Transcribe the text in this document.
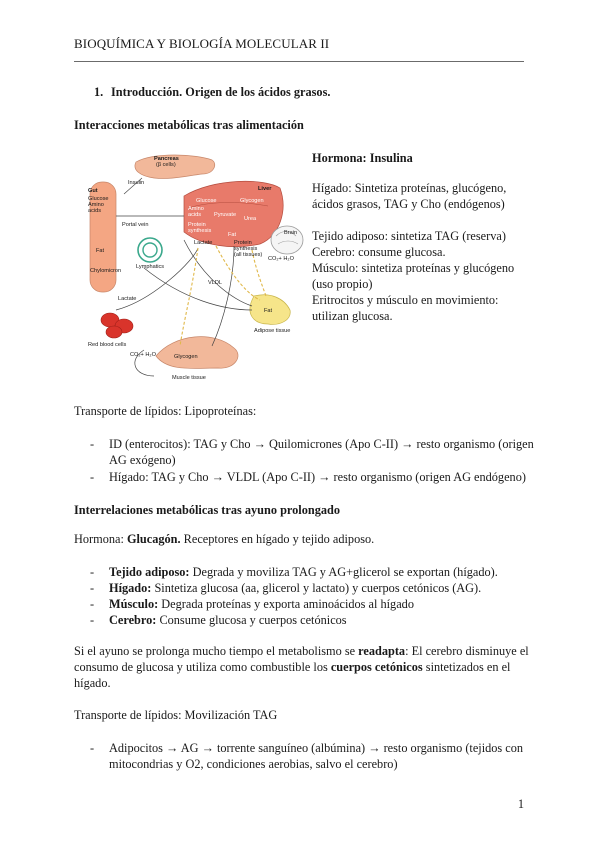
BIOQUÍMICA Y BIOLOGÍA MOLECULAR II
1. Introducción. Origen de los ácidos grasos.
Interacciones metabólicas tras alimentación
Pancreas
(β cells)
Insulin
Gut
Glucose
Amino
acids
Portal vein
Liver
Glucose	Glycogen
Amino
acids Pyruvate
Urea
Protein
synthesis
Fat
Lactate	Protein
synthesis
(all tissues)
Brain
CO₂+ H₂O
Fat
Lymphatics
Chylomicron
VLDL
Lactate
Fat
Adipose tissue
Red blood cells
CO₂+ H₂O	Glycogen
Muscle tissue
Hormona: Insulina
Hígado: Sintetiza proteínas, glucógeno,
ácidos grasos, TAG y Cho (endógenos)
Tejido adiposo: sintetiza TAG (reserva)
Cerebro: consume glucosa.
Músculo: sintetiza proteínas y glucógeno
(uso propio)
Eritrocitos y músculo en movimiento:
utilizan glucosa.
Transporte de lípidos: Lipoproteínas:
- ID (enterocitos): TAG y Cho → Quilomicrones (Apo C-II) → resto organismo (origen
AG exógeno)
- Hígado: TAG y Cho → VLDL (Apo C-II) → resto organismo (origen AG endógeno)
Interrelaciones metabólicas tras ayuno prolongado
Hormona: Glucagón. Receptores en hígado y tejido adiposo.
- Tejido adiposo: Degrada y moviliza TAG y AG+glicerol se exportan (hígado).
- Hígado: Sintetiza glucosa (aa, glicerol y lactato) y cuerpos cetónicos (AG).
- Músculo: Degrada proteínas y exporta aminoácidos al hígado
- Cerebro: Consume glucosa y cuerpos cetónicos
Si el ayuno se prolonga mucho tiempo el metabolismo se readapta: El cerebro disminuye el
consumo de glucosa y utiliza como combustible los cuerpos cetónicos sintetizados en el
hígado.
Transporte de lípidos: Movilización TAG
- Adipocitos → AG → torrente sanguíneo (albúmina) → resto organismo (tejidos con
mitocondrias y O2, condiciones aerobias, salvo el cerebro)
1
